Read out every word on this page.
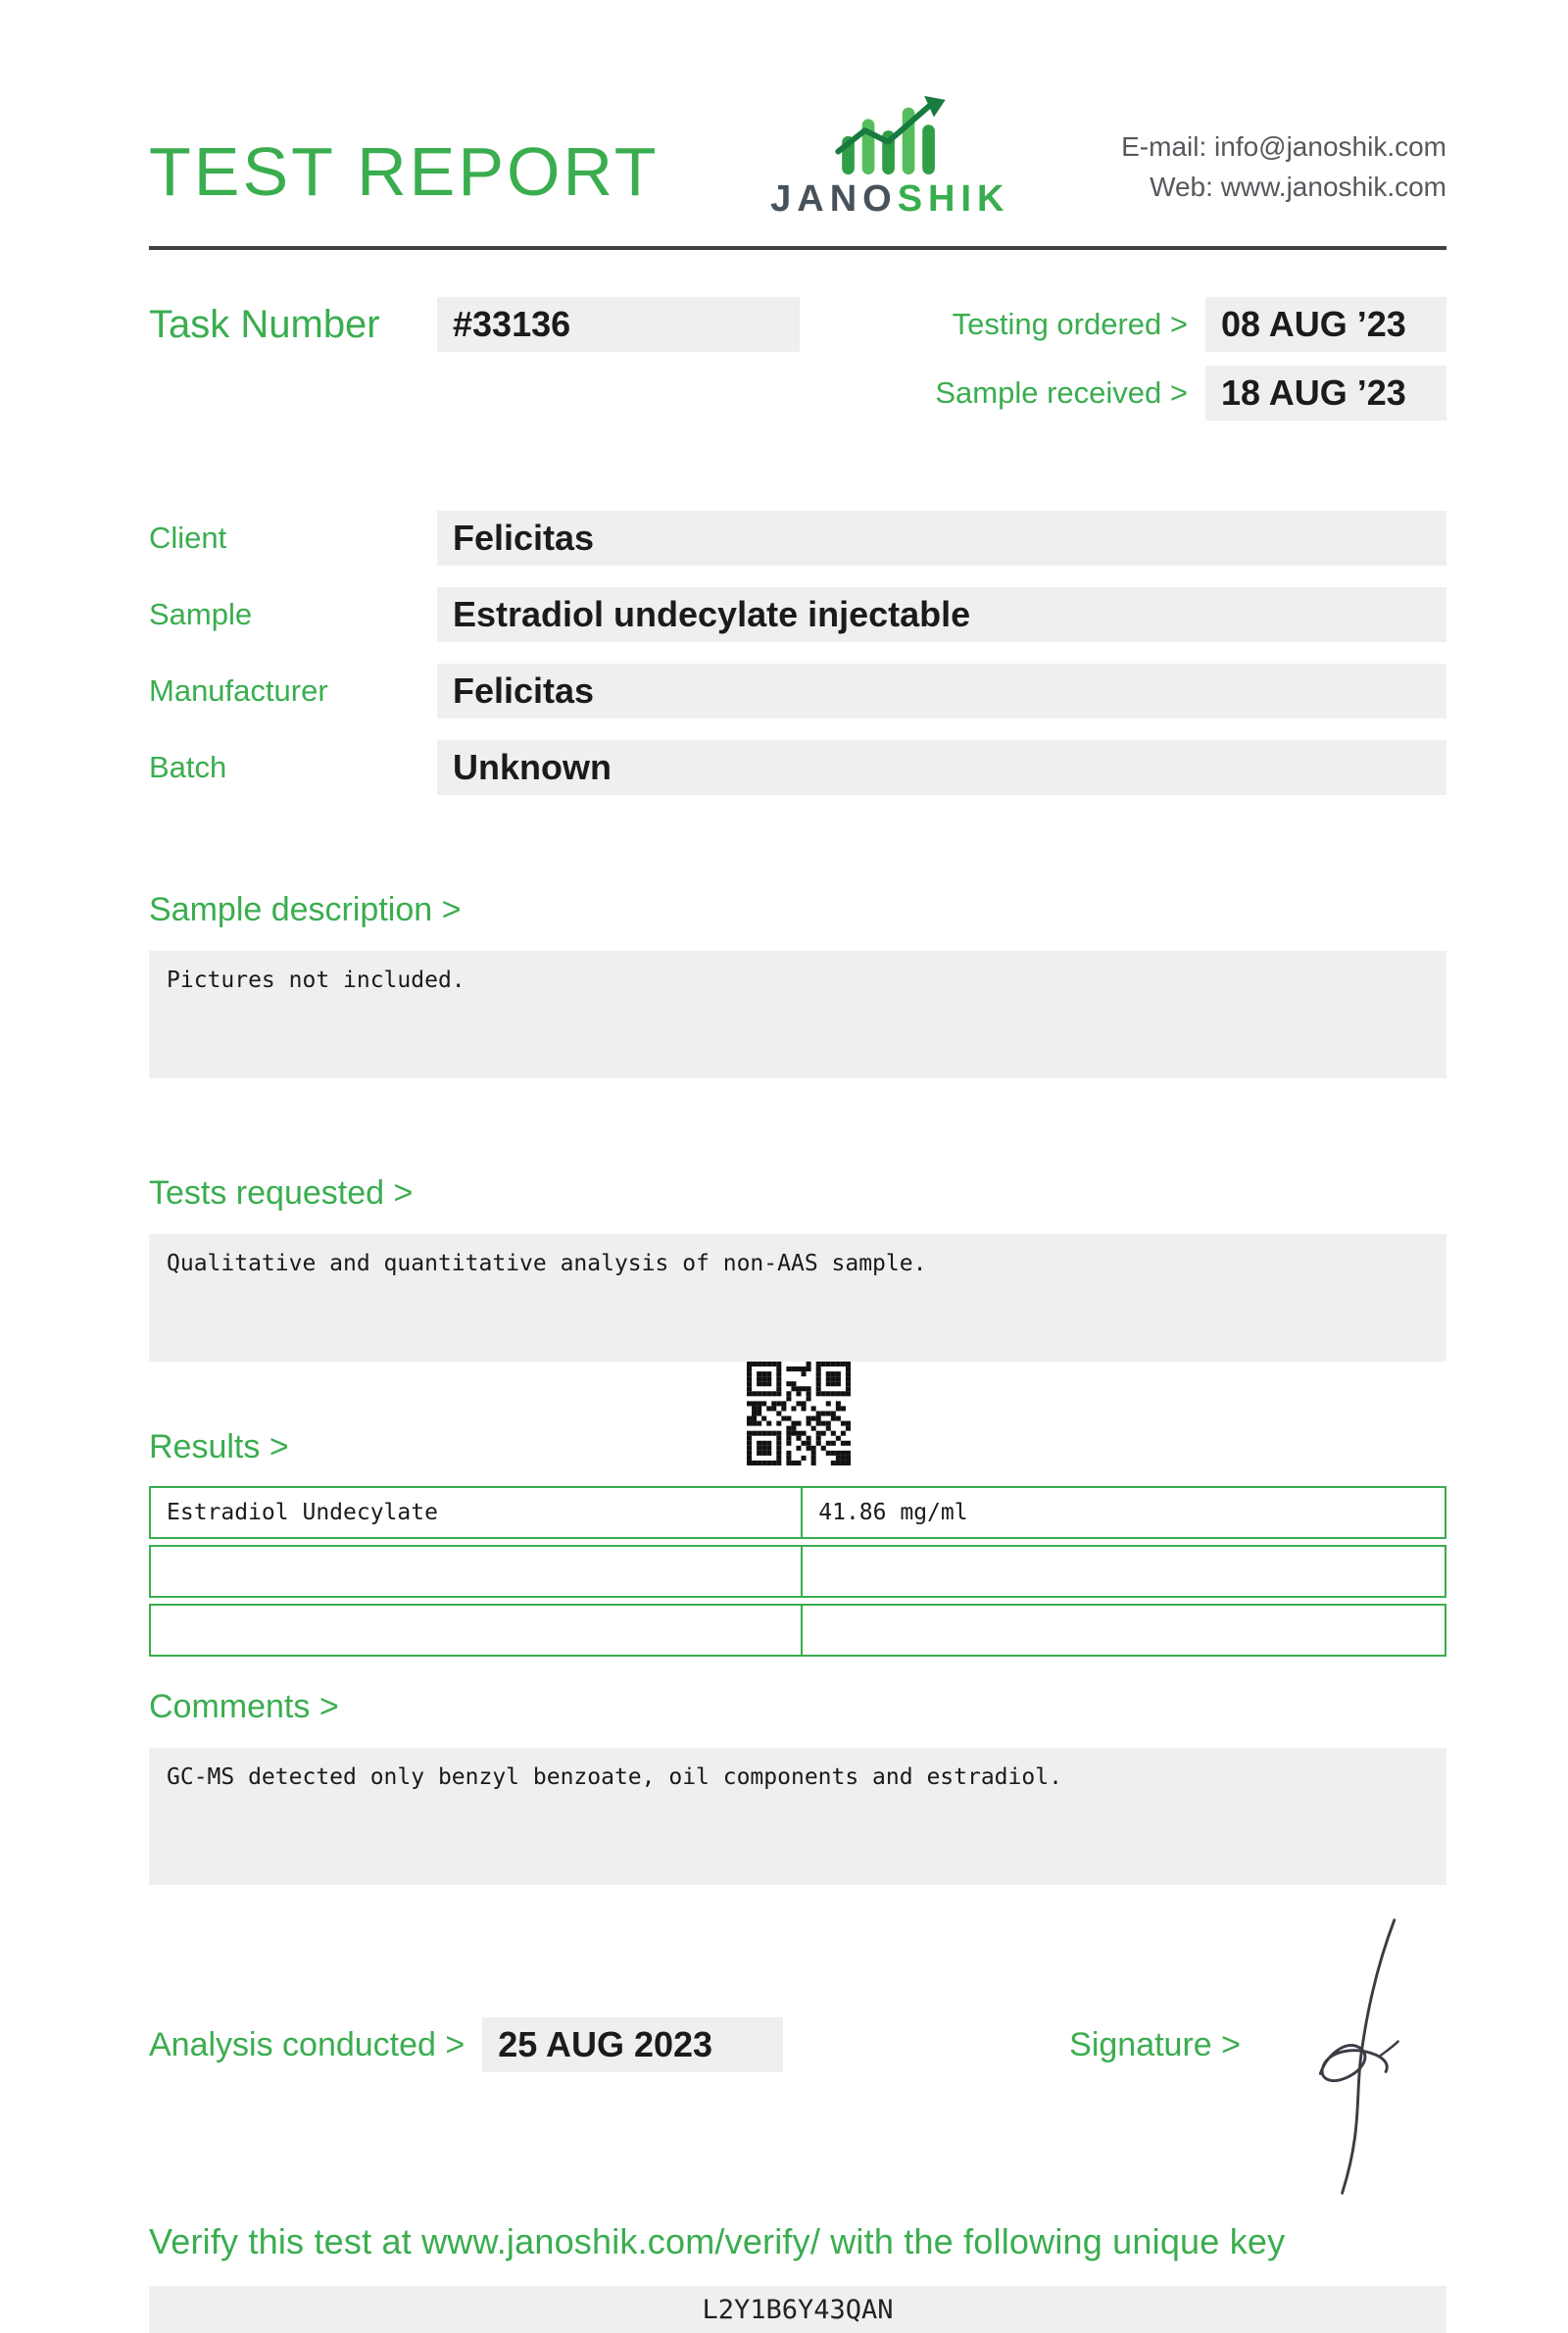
TEST REPORT	JANOSHIK
E-mail: info@janoshik.com
Web: www.janoshik.com
Task Number	#33136	Testing ordered > 08 AUG ’23
Sample received > 18 AUG ’23
Client	Felicitas
Sample	Estradiol undecylate injectable
Manufacturer	Felicitas
Batch	Unknown
Sample description >
Pictures not included.
Tests requested >
Qualitative and quantitative analysis of non-AAS sample.
Results >
Estradiol Undecylate	41.86 mg/ml
Comments >
GC-MS detected only benzyl benzoate, oil components and estradiol.
Analysis conducted > 25 AUG 2023	Signature >
Verify this test at www.janoshik.com/verify/ with the following unique key
L2Y1B6Y43QAN
